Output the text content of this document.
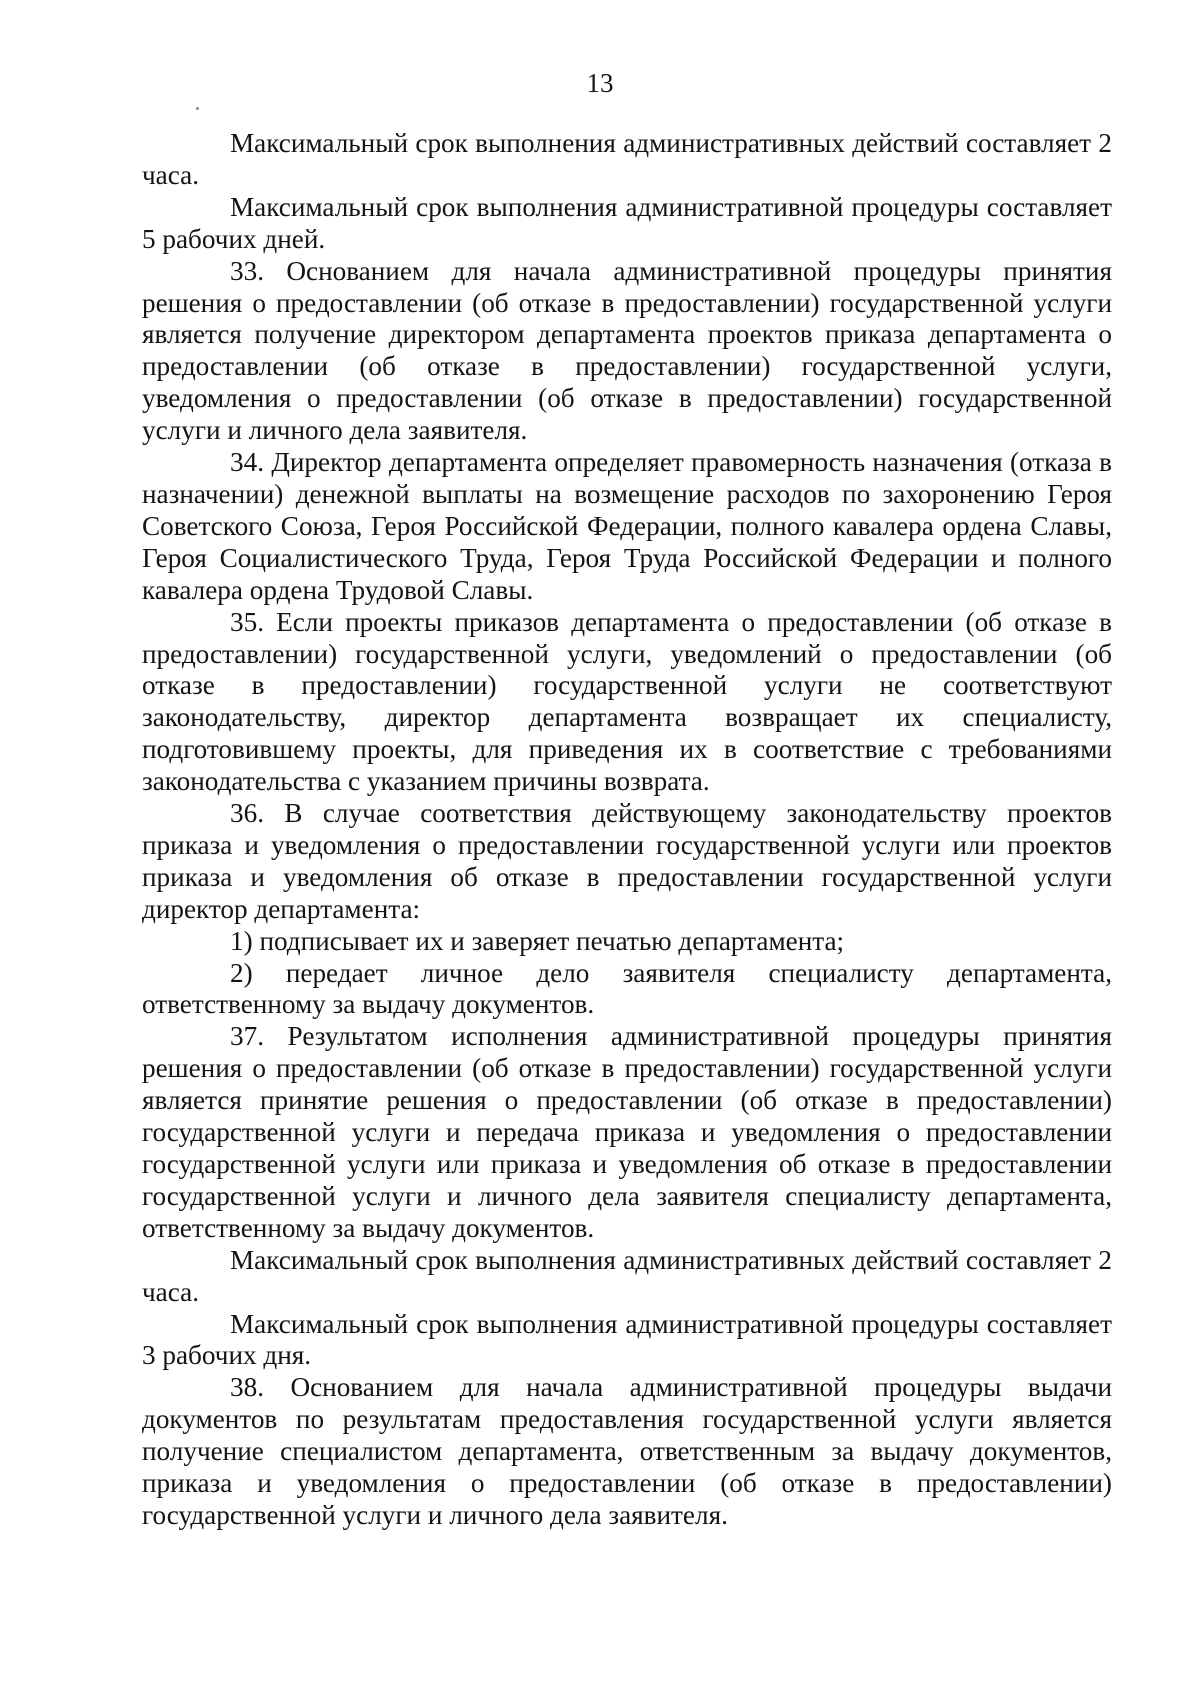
13

Максимальный срок выполнения административных действий составляет 2 часа.

Максимальный срок выполнения административной процедуры составляет 5 рабочих дней.

33. Основанием для начала административной процедуры принятия решения о предоставлении (об отказе в предоставлении) государственной услуги является получение директором департамента проектов приказа департамента о предоставлении (об отказе в предоставлении) государственной услуги, уведомления о предоставлении (об отказе в предоставлении) государственной услуги и личного дела заявителя.

34. Директор департамента определяет правомерность назначения (отказа в назначении) денежной выплаты на возмещение расходов по захоронению Героя Советского Союза, Героя Российской Федерации, полного кавалера ордена Славы, Героя Социалистического Труда, Героя Труда Российской Федерации и полного кавалера ордена Трудовой Славы.

35. Если проекты приказов департамента о предоставлении (об отказе в предоставлении) государственной услуги, уведомлений о предоставлении (об отказе в предоставлении) государственной услуги не соответствуют законодательству, директор департамента возвращает их специалисту, подготовившему проекты, для приведения их в соответствие с требованиями законодательства с указанием причины возврата.

36. В случае соответствия действующему законодательству проектов приказа и уведомления о предоставлении государственной услуги или проектов приказа и уведомления об отказе в предоставлении государственной услуги директор департамента:

1) подписывает их и заверяет печатью департамента;

2) передает личное дело заявителя специалисту департамента, ответственному за выдачу документов.

37. Результатом исполнения административной процедуры принятия решения о предоставлении (об отказе в предоставлении) государственной услуги является принятие решения о предоставлении (об отказе в предоставлении) государственной услуги и передача приказа и уведомления о предоставлении государственной услуги или приказа и уведомления об отказе в предоставлении государственной услуги и личного дела заявителя специалисту департамента, ответственному за выдачу документов.

Максимальный срок выполнения административных действий составляет 2 часа.

Максимальный срок выполнения административной процедуры составляет 3 рабочих дня.

38. Основанием для начала административной процедуры выдачи документов по результатам предоставления государственной услуги является получение специалистом департамента, ответственным за выдачу документов, приказа и уведомления о предоставлении (об отказе в предоставлении) государственной услуги и личного дела заявителя.
